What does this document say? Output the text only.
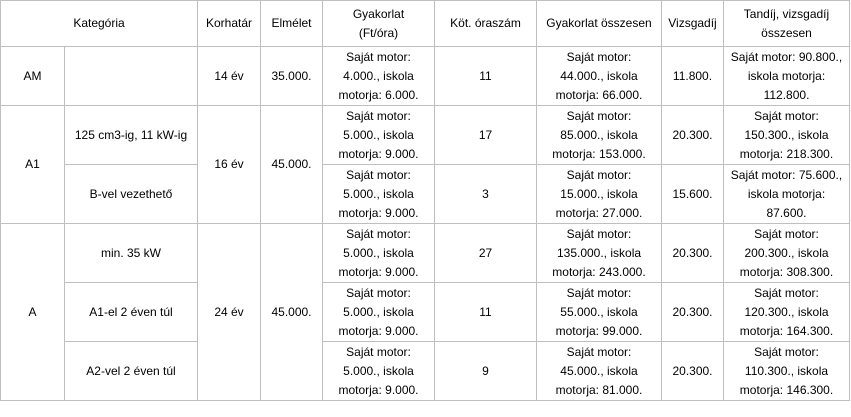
Kategória		Korhatár	Elmélet	Gyakorlat
(Ft/óra)	Köt. óraszám	Gyakorlat összesen	Vizsgadíj	Tandíj, vizsgadíj
összesen
AM		14 év	35.000.	Saját motor:
4.000., iskola
motorja: 6.000.	11	Saját motor:
44.000., iskola
motorja: 66.000.	11.800.	Saját motor: 90.800.,
iskola motorja:
112.800.
A1	125 cm3-ig, 11 kW-ig	16 év	45.000.	Saját motor:
5.000., iskola
motorja: 9.000.	17	Saját motor:
85.000., iskola
motorja: 153.000.	20.300.	Saját motor:
150.300., iskola
motorja: 218.300.
	B-vel vezethető			Saját motor:
5.000., iskola
motorja: 9.000.	3	Saját motor:
15.000., iskola
motorja: 27.000.	15.600.	Saját motor: 75.600.,
iskola motorja:
87.600.
A	min. 35 kW	24 év	45.000.	Saját motor:
5.000., iskola
motorja: 9.000.	27	Saját motor:
135.000., iskola
motorja: 243.000.	20.300.	Saját motor:
200.300., iskola
motorja: 308.300.
	A1-el 2 éven túl			Saját motor:
5.000., iskola
motorja: 9.000.	11	Saját motor:
55.000., iskola
motorja: 99.000.	20.300.	Saját motor:
120.300., iskola
motorja: 164.300.
	A2-vel 2 éven túl			Saját motor:
5.000., iskola
motorja: 9.000.	9	Saját motor:
45.000., iskola
motorja: 81.000.	20.300.	Saját motor:
110.300., iskola
motorja: 146.300.
